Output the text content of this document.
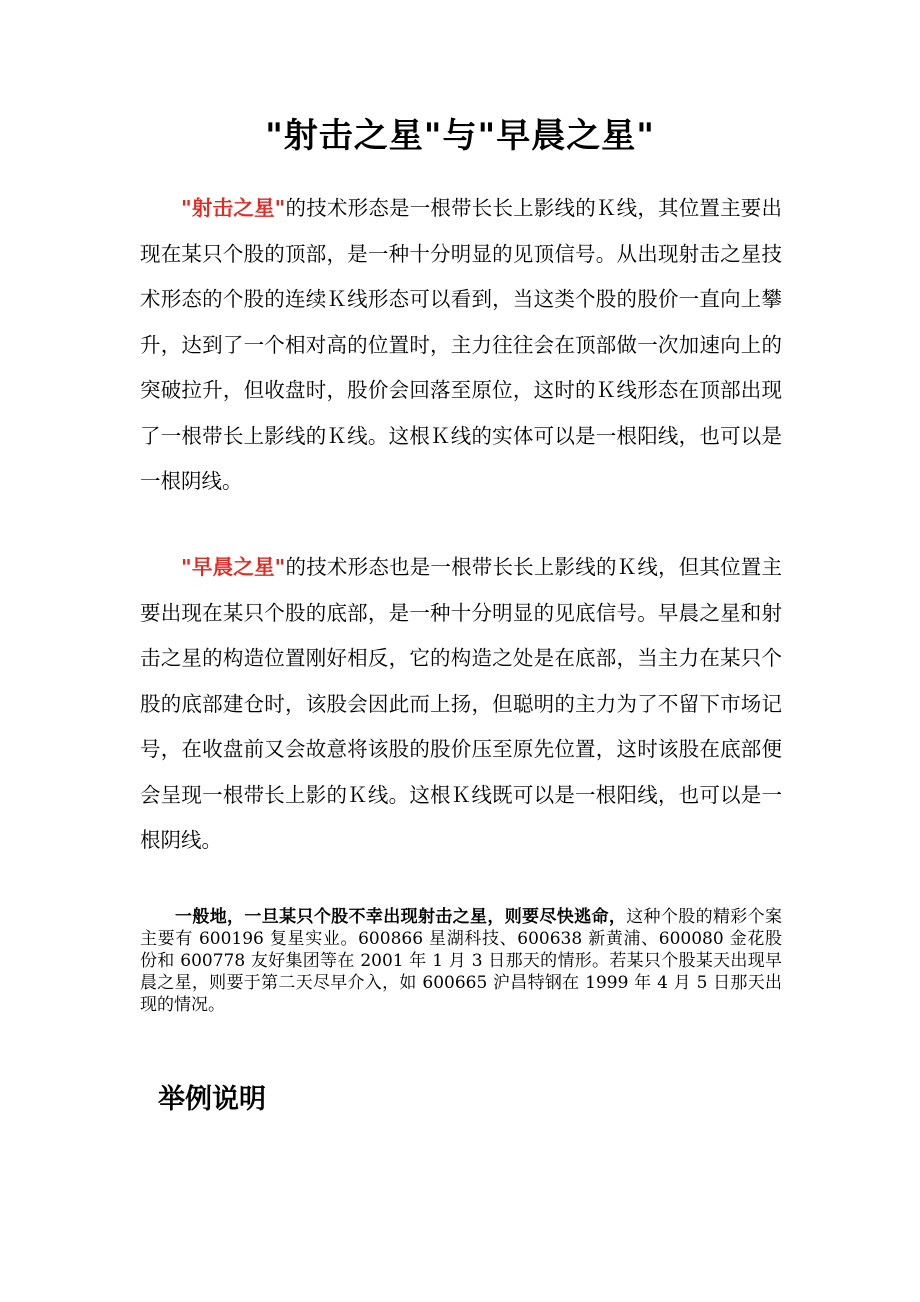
"射击之星"与"早晨之星"

"射击之星"的技术形态是一根带长长上影线的Ｋ线，其位置主要出现在某只个股的顶部，是一种十分明显的见顶信号。从出现射击之星技术形态的个股的连续Ｋ线形态可以看到，当这类个股的股价一直向上攀升，达到了一个相对高的位置时，主力往往会在顶部做一次加速向上的突破拉升，但收盘时，股价会回落至原位，这时的Ｋ线形态在顶部出现了一根带长上影线的Ｋ线。这根Ｋ线的实体可以是一根阳线，也可以是一根阴线。

"早晨之星"的技术形态也是一根带长长上影线的Ｋ线，但其位置主要出现在某只个股的底部，是一种十分明显的见底信号。早晨之星和射击之星的构造位置刚好相反，它的构造之处是在底部，当主力在某只个股的底部建仓时，该股会因此而上扬，但聪明的主力为了不留下市场记号，在收盘前又会故意将该股的股价压至原先位置，这时该股在底部便会呈现一根带长上影的Ｋ线。这根Ｋ线既可以是一根阳线，也可以是一根阴线。

一般地，一旦某只个股不幸出现射击之星，则要尽快逃命，这种个股的精彩个案主要有 600196 复星实业。600866 星湖科技、600638 新黄浦、600080 金花股份和 600778 友好集团等在 2001 年 1 月 3 日那天的情形。若某只个股某天出现早晨之星，则要于第二天尽早介入，如 600665 沪昌特钢在 1999 年 4 月 5 日那天出现的情况。

举例说明
